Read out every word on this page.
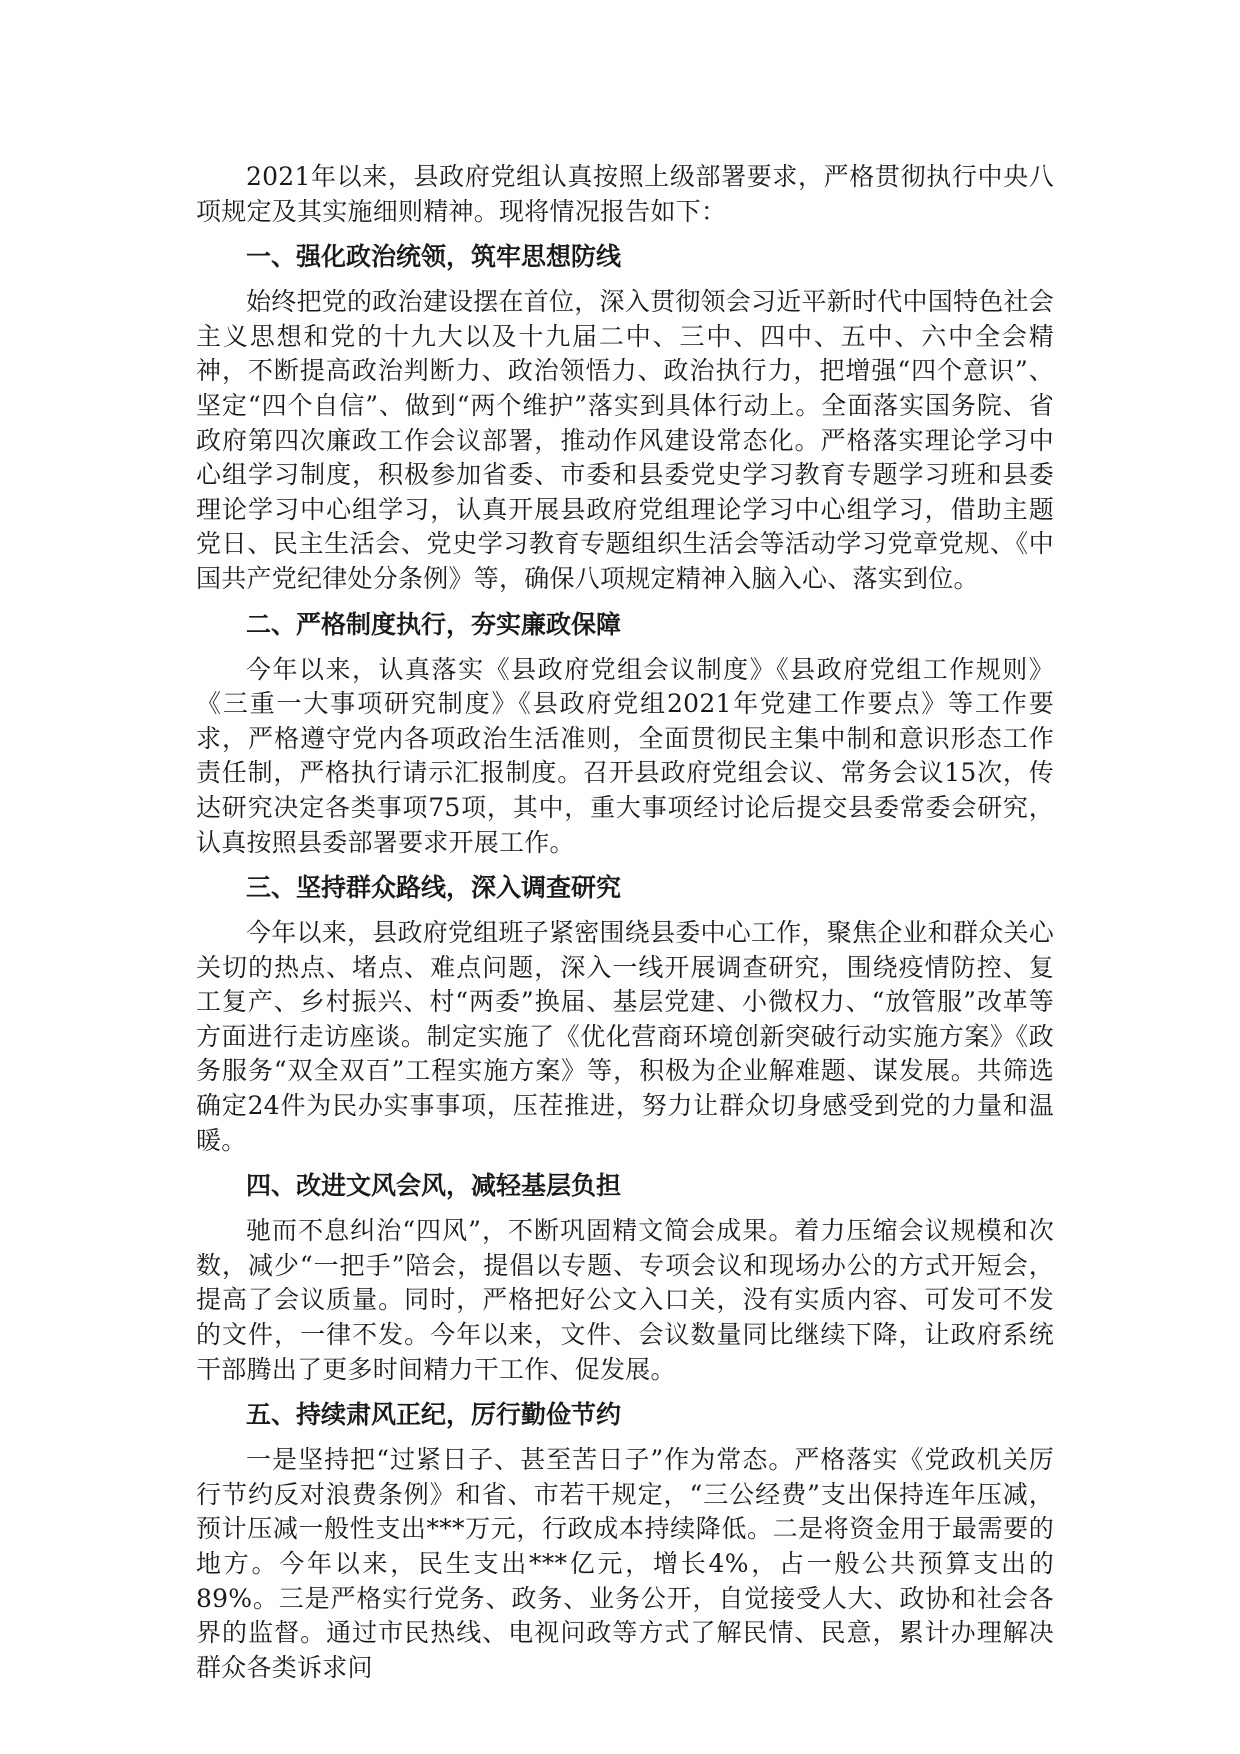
2021年以来，县政府党组认真按照上级部署要求，严格贯彻执行中央八项规定及其实施细则精神。现将情况报告如下：

一、强化政治统领，筑牢思想防线

始终把党的政治建设摆在首位，深入贯彻领会习近平新时代中国特色社会主义思想和党的十九大以及十九届二中、三中、四中、五中、六中全会精神，不断提高政治判断力、政治领悟力、政治执行力，把增强“四个意识”、坚定“四个自信”、做到“两个维护”落实到具体行动上。全面落实国务院、省政府第四次廉政工作会议部署，推动作风建设常态化。严格落实理论学习中心组学习制度，积极参加省委、市委和县委党史学习教育专题学习班和县委理论学习中心组学习，认真开展县政府党组理论学习中心组学习，借助主题党日、民主生活会、党史学习教育专题组织生活会等活动学习党章党规、《中国共产党纪律处分条例》等，确保八项规定精神入脑入心、落实到位。

二、严格制度执行，夯实廉政保障

今年以来，认真落实《县政府党组会议制度》《县政府党组工作规则》《三重一大事项研究制度》《县政府党组2021年党建工作要点》等工作要求，严格遵守党内各项政治生活准则，全面贯彻民主集中制和意识形态工作责任制，严格执行请示汇报制度。召开县政府党组会议、常务会议15次，传达研究决定各类事项75项，其中，重大事项经讨论后提交县委常委会研究，认真按照县委部署要求开展工作。

三、坚持群众路线，深入调查研究

今年以来，县政府党组班子紧密围绕县委中心工作，聚焦企业和群众关心关切的热点、堵点、难点问题，深入一线开展调查研究，围绕疫情防控、复工复产、乡村振兴、村“两委”换届、基层党建、小微权力、“放管服”改革等方面进行走访座谈。制定实施了《优化营商环境创新突破行动实施方案》《政务服务“双全双百”工程实施方案》等，积极为企业解难题、谋发展。共筛选确定24件为民办实事事项，压茬推进，努力让群众切身感受到党的力量和温暖。

四、改进文风会风，减轻基层负担

驰而不息纠治“四风”，不断巩固精文简会成果。着力压缩会议规模和次数，减少“一把手”陪会，提倡以专题、专项会议和现场办公的方式开短会，提高了会议质量。同时，严格把好公文入口关，没有实质内容、可发可不发的文件，一律不发。今年以来，文件、会议数量同比继续下降，让政府系统干部腾出了更多时间精力干工作、促发展。

五、持续肃风正纪，厉行勤俭节约

一是坚持把“过紧日子、甚至苦日子”作为常态。严格落实《党政机关厉行节约反对浪费条例》和省、市若干规定，“三公经费”支出保持连年压减，预计压减一般性支出***万元，行政成本持续降低。二是将资金用于最需要的地方。今年以来，民生支出***亿元，增长4%，占一般公共预算支出的89%。三是严格实行党务、政务、业务公开，自觉接受人大、政协和社会各界的监督。通过市民热线、电视问政等方式了解民情、民意，累计办理解决群众各类诉求问
